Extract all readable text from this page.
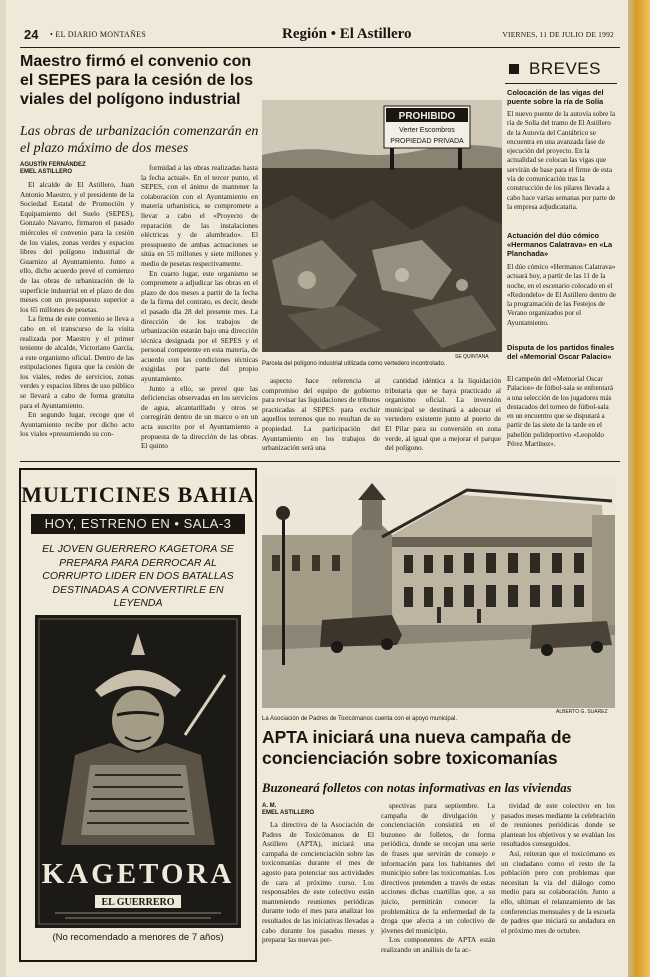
24 • EL DIARIO MONTAÑES	Región • El Astillero	VIERNES, 11 DE JULIO DE 1992
Maestro firmó el convenio con el SEPES para la cesión de los viales del polígono industrial
Las obras de urbanización comenzarán en el plazo máximo de dos meses
AGUSTÍN FERNÁNDEZ
EMEL ASTILLERO

El alcalde de El Astillero, Juan Antonio Maestro, y el presidente de la Sociedad Estatal de Promoción y Equipamiento del Suelo (SEPES), Gonzalo Navarro, firmaron el pasado miércoles el convenio para la cesión de los viales, zonas verdes y espacios libres del polígono industrial de Guarnizo al Ayuntamiento. Junto a ello, dicho acuerdo prevé el comienzo de las obras de urbanización de la superficie industrial en el plazo de dos meses con un presupuesto superior a los 65 millones de pesetas.

La firma de este convenio se lleva a cabo en el transcurso de la visita realizada por Maestro y el primer teniente de alcalde, Victoriano García, a este organismo oficial. Dentro de las estipulaciones figura que la cesión de los viales, redes de servicios, zonas verdes y espacios libres de uso público se llevará a cabo de forma gratuita para el Ayuntamiento.

En segundo lugar, recoge que el Ayuntamiento recibe por dicho acto los viales «presumiendo su con-

formidad a las obras realizadas hasta la fecha actual». En el tercer punto, el SEPES, con el ánimo de mantener la colaboración con el Ayuntamiento en materia urbanística, se compromete a llevar a cabo el «Proyecto de reparación de las instalaciones eléctricas y de alumbrado». El presupuesto de ambas actuaciones se sitúa en 55 millones y siete millones y medio de pesetas respectivamente.

En cuarto lugar, este organismo se compromete a adjudicar las obras en el plazo de dos meses a partir de la fecha de la firma del contrato, es decir, desde el pasado día 28 del presente mes. La dirección de los trabajos de urbanización estarán bajo una dirección técnica designada por el SEPES y el personal competente en esta materia, de acuerdo con las condiciones técnicas exigidas por parte del propio ayuntamiento.

Junto a ello, se prevé que las deficiencias observadas en los servicios de agua, alcantarillado y otros se corregirán dentro de un marco o en un acta suscrito por el Ayuntamiento a propuesta de la dirección de las obras. El quinto

aspecto hace referencia al compromiso del equipo de gobierno para revisar las liquidaciones de tributos practicadas al SEPES para excluir aquellos terrenos que no resultan de su propiedad. La participación del Ayuntamiento en los trabajos de urbanización será una

cantidad idéntica a la liquidación tributaria que se haya practicado al organismo oficial. La inversión municipal se destinará a adecuar el vertedero existente junto al puerto de El Pilar para su conversión en zona verde, al igual que a mejorar el parque del polígono.

PROHIBIDO
Verter Escombros
PROPIEDAD PRIVADA
SE QUINTANA
Parcela del polígono industrial utilizada como vertedero incontrolado.
BREVES
Colocación de las vigas del puente sobre la ría de Solía
El nuevo puente de la autovía sobre la ría de Solía del tramo de El Astillero de la Autovía del Cantábrico se encuentra en una avanzada fase de ejecución del proyecto. En la actualidad se colocan las vigas que servirán de base para el firme de esta vía de comunicación tras la construcción de los pilares llevada a cabo hace varias semanas por parte de la empresa adjudicataria.
Actuación del dúo cómico «Hermanos Calatrava» en «La Planchada»
El dúo cómico «Hermanos Calatrava» actuará hoy, a partir de las 11 de la noche, en el escenario colocado en el «Redondelo» de El Astillero dentro de la programación de las Festejos de Verano organizados por el Ayuntamiento.
Disputa de los partidos finales del «Memorial Oscar Palacio»
El campeón del «Memorial Oscar Palacios» de fútbol-sala se enfrentará a una selección de los jugadores más destacados del torneo de fútbol-sala en un encuentro que se disputará a partir de las siete de la tarde en el pabellón polideportivo «Leopoldo Pérez Martínez».
MULTICINES BAHIA
HOY, ESTRENO EN • SALA-3
EL JOVEN GUERRERO KAGETORA SE PREPARA PARA DERROCAR AL CORRUPTO LIDER EN DOS BATALLAS DESTINADAS A CONVERTIRLE EN LEYENDA
KAGETORA
EL GUERRERO
(No recomendado a menores de 7 años)
La Asociación de Padres de Toxicómanos cuenta con el apoyo municipal.
ALBERTO G. SUAREZ
APTA iniciará una nueva campaña de concienciación sobre toxicomanías
Buzoneará folletos con notas informativas en las viviendas
A. M.
EMEL ASTILLERO

La directiva de la Asociación de Padres de Toxicómanos de El Astillero (APTA), iniciará una campaña de concienciación sobre las toxicomanías durante el mes de agosto para potenciar sus actividades de cara al próximo curso. Los responsables de este colectivo están manteniendo reuniones periódicas durante todo el mes para analizar los resultados de las iniciativas llevadas a cabo durante los pasados meses y preparar las nuevas per-

spectivas para septiembre. La campaña de divulgación y concienciación consistirá en el buzoneo de folletos, de forma periódica, donde se recojan una serie de frases que servirán de consejo e información para los habitantes del municipio sobre las toxicomanías. Los directivos pretenden a través de estas acciones dichas cuartillas que, a su juicio, permitirán conocer la problemática de la enfermedad de la droga que afecta a un colectivo de jóvenes del municipio.

Los componentes de APTA están realizando un análisis de la ac-

tividad de este colectivo en los pasados meses mediante la celebración de reuniones periódicas donde se plantean los objetivos y se evalúan los resultados conseguidos.

Así, reiteran que el toxicómano es un ciudadano como el resto de la población pero con problemas que necesitan la vía del diálogo como medio para su colaboración. Junto a ello, ultiman el relanzamiento de las conferencias mensuales y de la escuela de padres que iniciará su andadura en el próximo mes de octubre.
